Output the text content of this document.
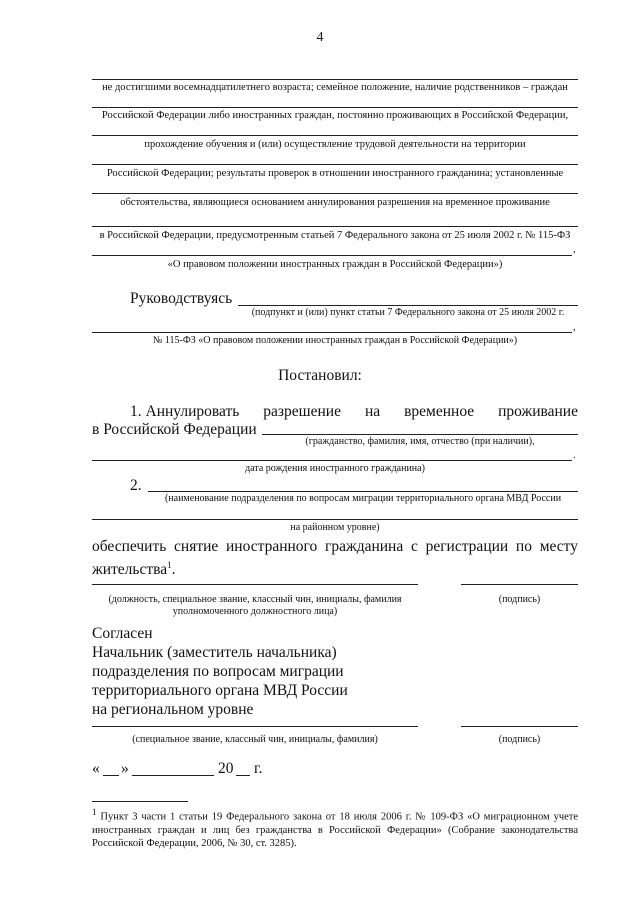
4
не достигшими восемнадцатилетнего возраста; семейное положение, наличие родственников – граждан
Российской Федерации либо иностранных граждан, постоянно проживающих в Российской Федерации,
прохождение обучения и (или) осуществление трудовой деятельности на территории
Российской Федерации; результаты проверок в отношении иностранного гражданина; установленные
обстоятельства, являющиеся основанием аннулирования разрешения на временное проживание
в Российской Федерации, предусмотренным статьей 7 Федерального закона от 25 июля 2002 г. № 115-ФЗ
,
«О правовом положении иностранных граждан в Российской Федерации»)
Руководствуясь
(подпункт и (или) пункт статьи 7 Федерального закона от 25 июля 2002 г.
,
№ 115-ФЗ «О правовом положении иностранных граждан в Российской Федерации»)
Постановил:
1. Аннулировать разрешение на временное проживание
в Российской Федерации
(гражданство, фамилия, имя, отчество (при наличии),
.
дата рождения иностранного гражданина)
2.
(наименование подразделения по вопросам миграции территориального органа МВД России
на районном уровне)
обеспечить снятие иностранного гражданина с регистрации по месту
жительства$^1$.
(должность, специальное звание, классный чин, инициалы, фамилия
уполномоченного должностного лица)
(подпись)
Согласен
Начальник (заместитель начальника)
подразделения по вопросам миграции
территориального органа МВД России
на региональном уровне
(специальное звание, классный чин, инициалы, фамилия)	(подпись)
« »	20 г.
$^1$ Пункт 3 части 1 статьи 19 Федерального закона от 18 июля 2006 г. № 109-ФЗ «О миграционном учете иностранных граждан и лиц без гражданства в Российской Федерации» (Собрание законодательства Российской Федерации, 2006, № 30, ст. 3285).
